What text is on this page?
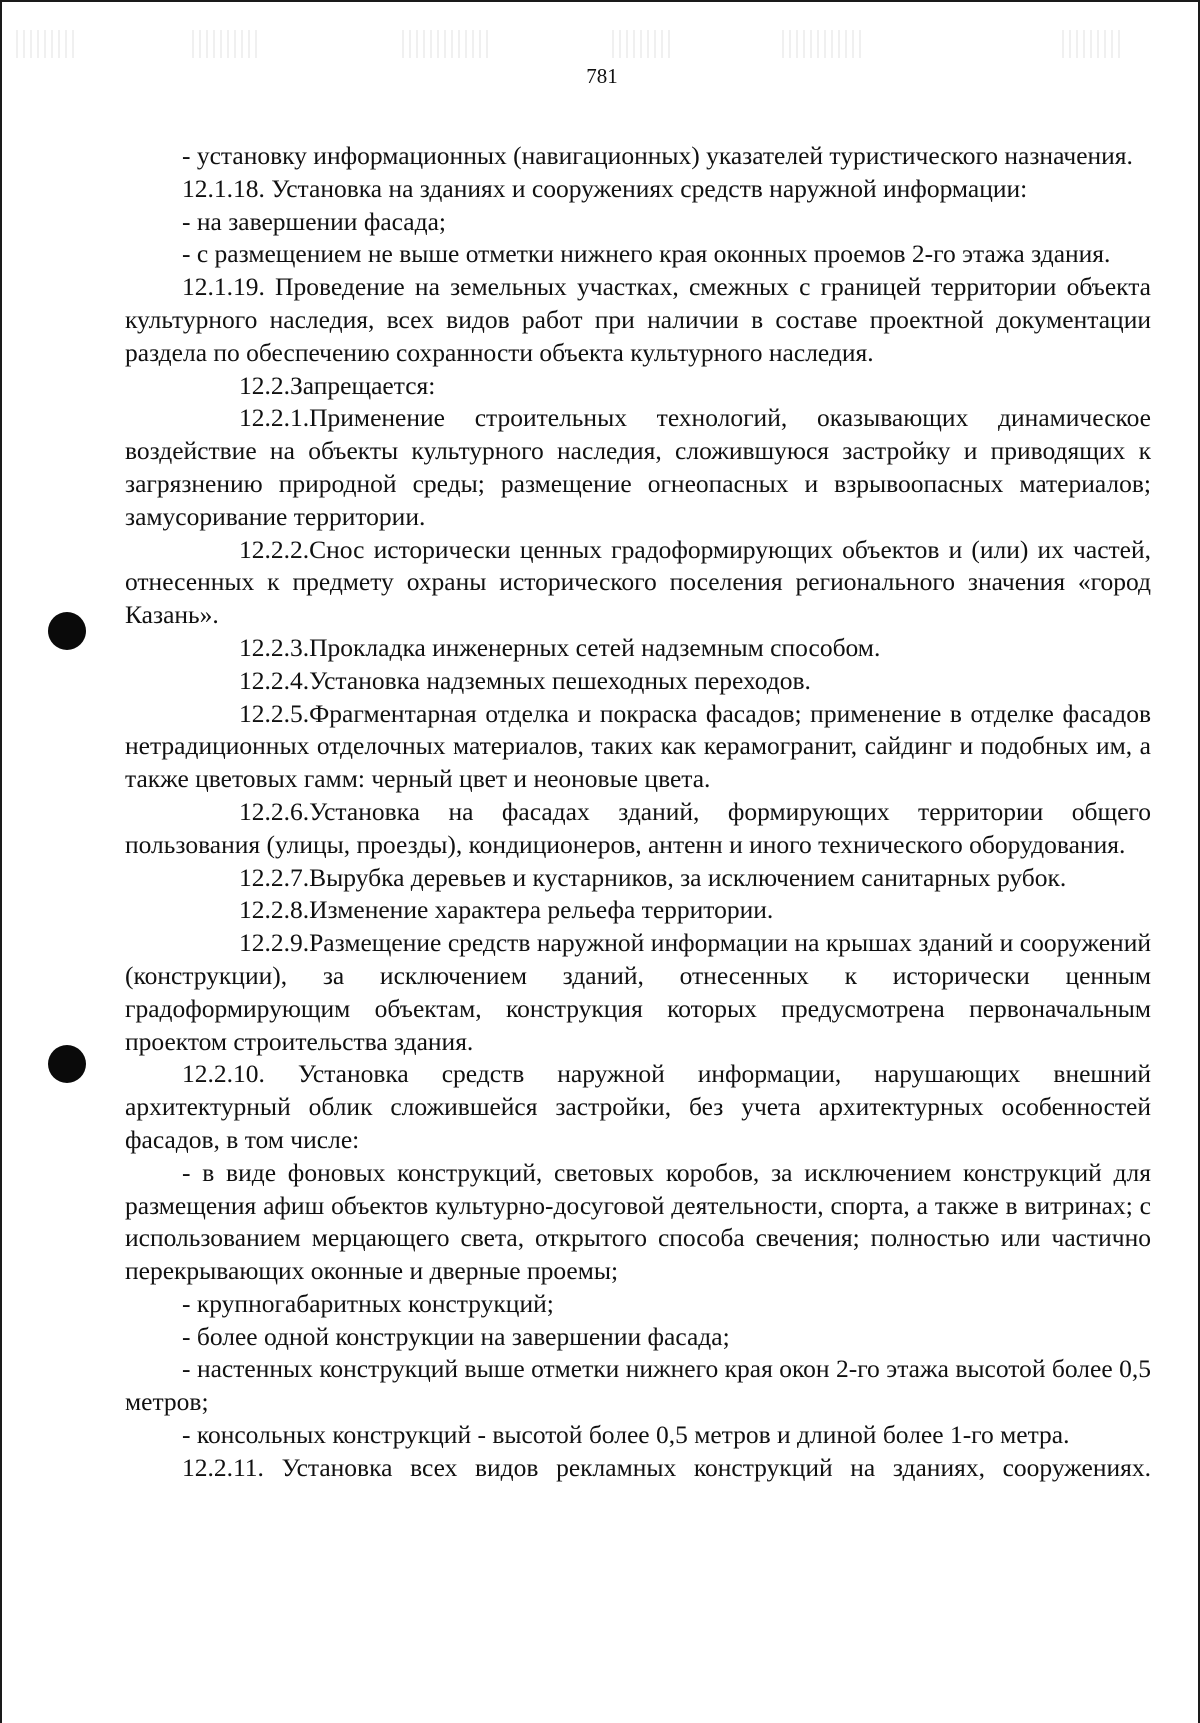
781

- установку информационных (навигационных) указателей туристического назначения.

12.1.18. Установка на зданиях и сооружениях средств наружной информации:

- на завершении фасада;

- с размещением не выше отметки нижнего края оконных проемов 2-го этажа здания.

12.1.19. Проведение на земельных участках, смежных с границей территории объекта культурного наследия, всех видов работ при наличии в составе проектной документации раздела по обеспечению сохранности объекта культурного наследия.

12.2.Запрещается:

12.2.1.Применение строительных технологий, оказывающих динамическое воздействие на объекты культурного наследия, сложившуюся застройку и приводящих к загрязнению природной среды; размещение огнеопасных и взрывоопасных материалов; замусоривание территории.

12.2.2.Снос исторически ценных градоформирующих объектов и (или) их частей, отнесенных к предмету охраны исторического поселения регионального значения «город Казань».

12.2.3.Прокладка инженерных сетей надземным способом.

12.2.4.Установка надземных пешеходных переходов.

12.2.5.Фрагментарная отделка и покраска фасадов; применение в отделке фасадов нетрадиционных отделочных материалов, таких как керамогранит, сайдинг и подобных им, а также цветовых гамм: черный цвет и неоновые цвета.

12.2.6.Установка на фасадах зданий, формирующих территории общего пользования (улицы, проезды), кондиционеров, антенн и иного технического оборудования.

12.2.7.Вырубка деревьев и кустарников, за исключением санитарных рубок.

12.2.8.Изменение характера рельефа территории.

12.2.9.Размещение средств наружной информации на крышах зданий и сооружений (конструкции), за исключением зданий, отнесенных к исторически ценным градоформирующим объектам, конструкция которых предусмотрена первоначальным проектом строительства здания.

12.2.10. Установка средств наружной информации, нарушающих внешний архитектурный облик сложившейся застройки, без учета архитектурных особенностей фасадов, в том числе:

- в виде фоновых конструкций, световых коробов, за исключением конструкций для размещения афиш объектов культурно-досуговой деятельности, спорта, а также в витринах; с использованием мерцающего света, открытого способа свечения; полностью или частично перекрывающих оконные и дверные проемы;

- крупногабаритных конструкций;

- более одной конструкции на завершении фасада;

- настенных конструкций выше отметки нижнего края окон 2-го этажа высотой более 0,5 метров;

- консольных конструкций - высотой более 0,5 метров и длиной более 1-го метра.

12.2.11. Установка всех видов рекламных конструкций на зданиях, сооружениях.
